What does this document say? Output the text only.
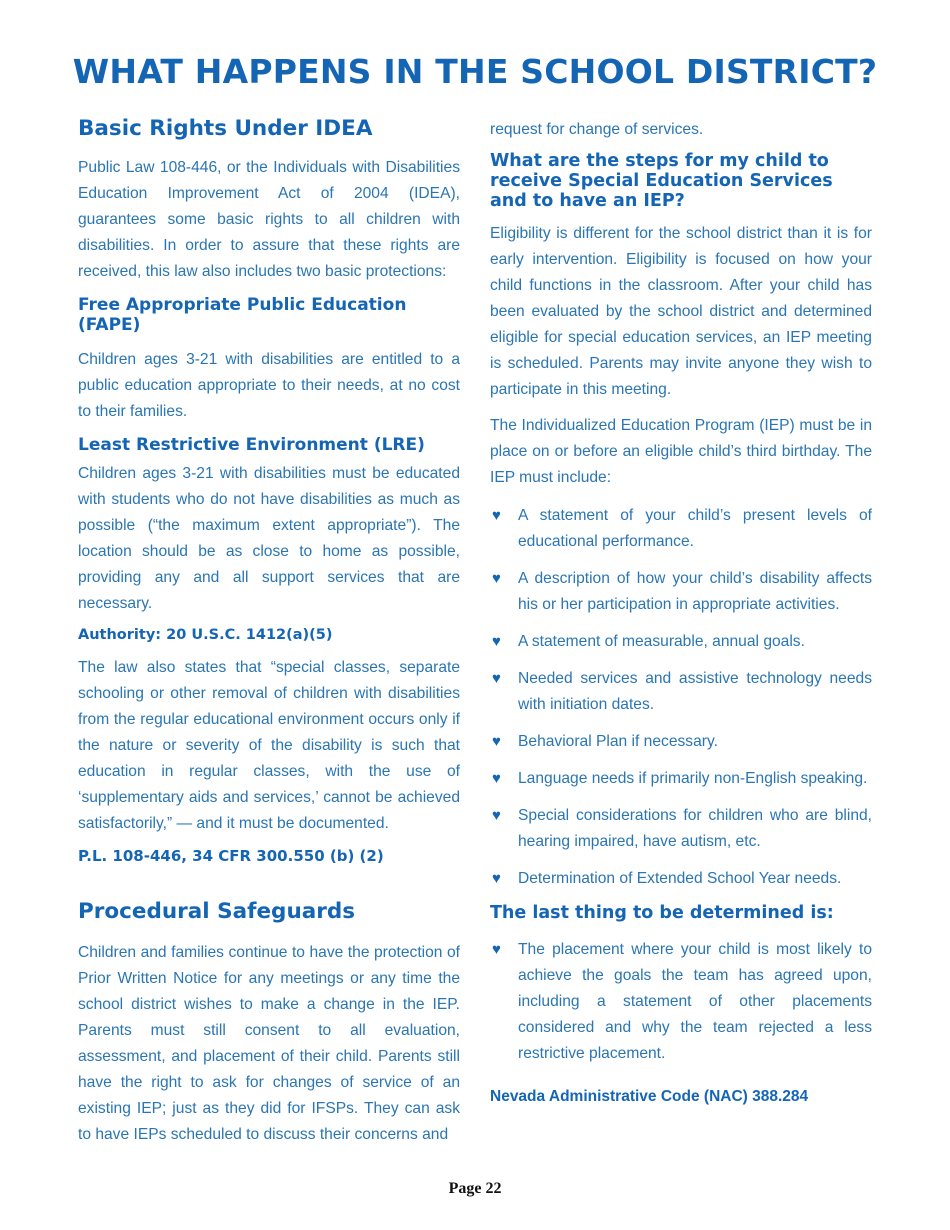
WHAT HAPPENS IN THE SCHOOL DISTRICT?
Basic Rights Under IDEA

Public Law 108-446, or the Individuals with Disabilities Education Improvement Act of 2004 (IDEA), guarantees some basic rights to all children with disabilities. In order to assure that these rights are received, this law also includes two basic protections:

Free Appropriate Public Education (FAPE)

Children ages 3-21 with disabilities are entitled to a public education appropriate to their needs, at no cost to their families.

Least Restrictive Environment (LRE)

Children ages 3-21 with disabilities must be educated with students who do not have disabilities as much as possible (“the maximum extent appropriate”). The location should be as close to home as possible, providing any and all support services that are necessary.

Authority: 20 U.S.C. 1412(a)(5)

The law also states that “special classes, separate schooling or other removal of children with disabilities from the regular educational environment occurs only if the nature or severity of the disability is such that education in regular classes, with the use of ‘supplementary aids and services,’ cannot be achieved satisfactorily,” — and it must be documented.

P.L. 108-446, 34 CFR 300.550 (b) (2)
Procedural Safeguards

Children and families continue to have the protection of Prior Written Notice for any meetings or any time the school district wishes to make a change in the IEP. Parents must still consent to all evaluation, assessment, and placement of their child. Parents still have the right to ask for changes of service of an existing IEP; just as they did for IFSPs. They can ask to have IEPs scheduled to discuss their concerns and

request for change of services.

What are the steps for my child to receive Special Education Services and to have an IEP?

Eligibility is different for the school district than it is for early intervention. Eligibility is focused on how your child functions in the classroom. After your child has been evaluated by the school district and determined eligible for special education services, an IEP meeting is scheduled. Parents may invite anyone they wish to participate in this meeting.

The Individualized Education Program (IEP) must be in place on or before an eligible child’s third birthday. The IEP must include:

♥ A statement of your child’s present levels of educational performance.
♥ A description of how your child’s disability affects his or her participation in appropriate activities.
♥ A statement of measurable, annual goals.
♥ Needed services and assistive technology needs with initiation dates.
♥ Behavioral Plan if necessary.
♥ Language needs if primarily non-English speaking.
♥ Special considerations for children who are blind, hearing impaired, have autism, etc.
♥ Determination of Extended School Year needs.
The last thing to be determined is:
♥ The placement where your child is most likely to achieve the goals the team has agreed upon, including a statement of other placements considered and why the team rejected a less restrictive placement.

Nevada Administrative Code (NAC) 388.284

Page 22
